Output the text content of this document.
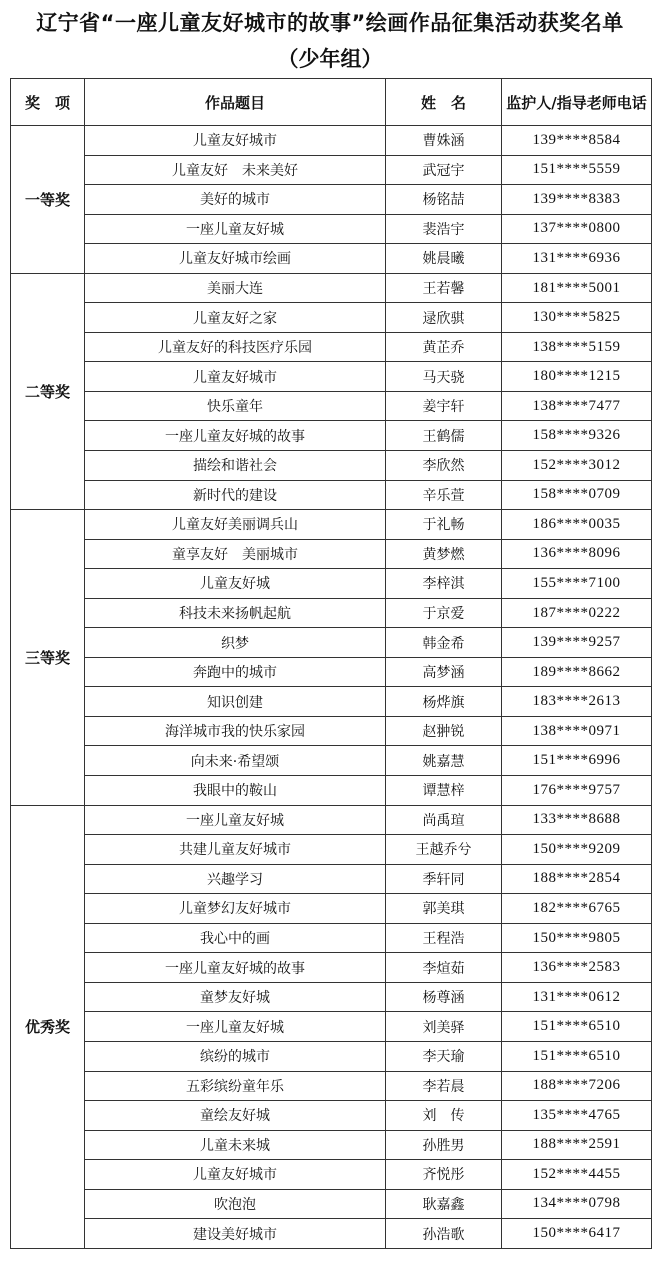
辽宁省“一座儿童友好城市的故事”绘画作品征集活动获奖名单
（少年组）
奖　项	作品题目	姓　名	监护人/指导老师电话
一等奖	儿童友好城市	曹姝涵	139****8584
	儿童友好　未来美好	武冠宇	151****5559
	美好的城市	杨铭喆	139****8383
	一座儿童友好城	裴浩宇	137****0800
	儿童友好城市绘画	姚晨曦	131****6936
二等奖	美丽大连	王若馨	181****5001
	儿童友好之家	逯欣骐	130****5825
	儿童友好的科技医疗乐园	黄芷乔	138****5159
	儿童友好城市	马天骁	180****1215
	快乐童年	姜宇轩	138****7477
	一座儿童友好城的故事	王鹤儒	158****9326
	描绘和谐社会	李欣然	152****3012
	新时代的建设	辛乐萱	158****0709
三等奖	儿童友好美丽调兵山	于礼畅	186****0035
	童享友好　美丽城市	黄梦燃	136****8096
	儿童友好城	李梓淇	155****7100
	科技未来扬帆起航	于京爱	187****0222
	织梦	韩金希	139****9257
	奔跑中的城市	高梦涵	189****8662
	知识创建	杨烨旗	183****2613
	海洋城市我的快乐家园	赵翀锐	138****0971
	向未来·希望颂	姚嘉慧	151****6996
	我眼中的鞍山	谭慧梓	176****9757
优秀奖	一座儿童友好城	尚禹瑄	133****8688
	共建儿童友好城市	王越乔兮	150****9209
	兴趣学习	季轩同	188****2854
	儿童梦幻友好城市	郭美琪	182****6765
	我心中的画	王程浩	150****9805
	一座儿童友好城的故事	李煊茹	136****2583
	童梦友好城	杨尊涵	131****0612
	一座儿童友好城	刘美驿	151****6510
	缤纷的城市	李天瑜	151****6510
	五彩缤纷童年乐	李若晨	188****7206
	童绘友好城	刘　传	135****4765
	儿童未来城	孙胜男	188****2591
	儿童友好城市	齐悦彤	152****4455
	吹泡泡	耿嘉鑫	134****0798
	建设美好城市	孙浩歌	150****6417
